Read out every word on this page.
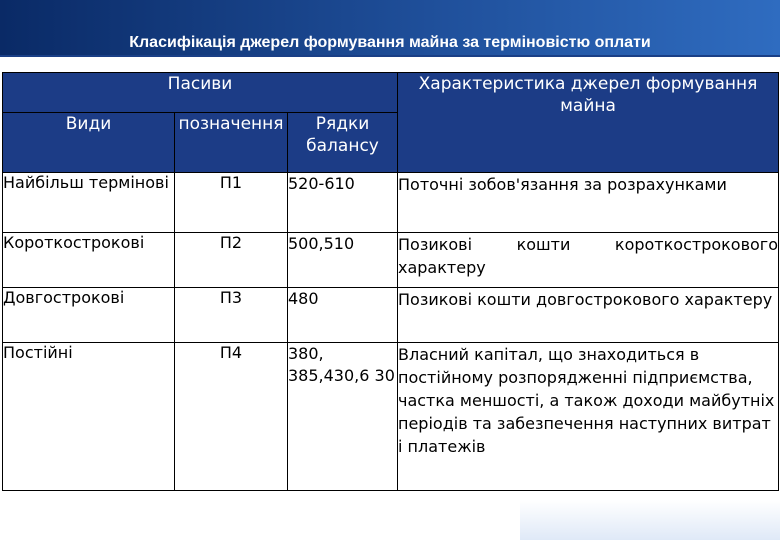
Класифікація джерел формування майна за терміновістю оплати
Пасиви			Характеристика джерел формування майна
Види	позначення	Рядки балансу	
Найбільш термінові	П1	520-610	Поточні зобов'язання за розрахунками
Короткострокові	П2	500,510	Позикові кошти короткострокового характеру
Довгострокові	П3	480	Позикові кошти довгострокового характеру
Постійні	П4	380, 385,430,6 30	Власний капітал, що знаходиться в постійному розпорядженні підприємства, частка меншості, а також доходи майбутніх періодів та забезпечення наступних витрат і платежів
